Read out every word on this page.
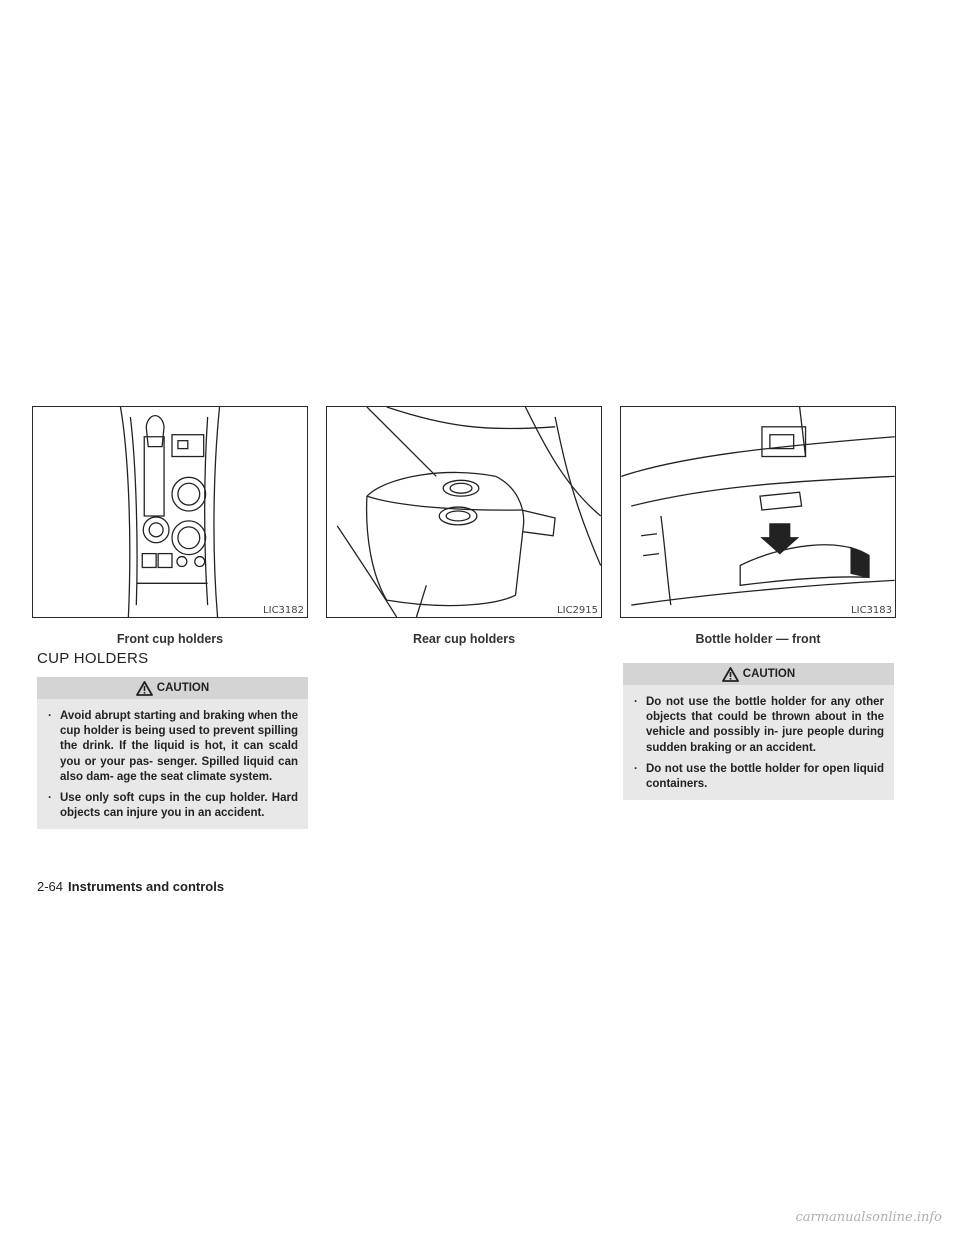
LIC3182	LIC2915	LIC3183
Front cup holders	Rear cup holders	Bottle holder — front
CUP HOLDERS
CAUTION
· Avoid abrupt starting and braking when the cup holder is being used to prevent spilling the drink. If the liquid is hot, it can scald you or your pas- senger. Spilled liquid can also dam- age the seat climate system.
· Use only soft cups in the cup holder. Hard objects can injure you in an accident.
CAUTION
· Do not use the bottle holder for any other objects that could be thrown about in the vehicle and possibly in- jure people during sudden braking or an accident.
· Do not use the bottle holder for open liquid containers.
2-64 Instruments and controls
carmanualsonline.info
